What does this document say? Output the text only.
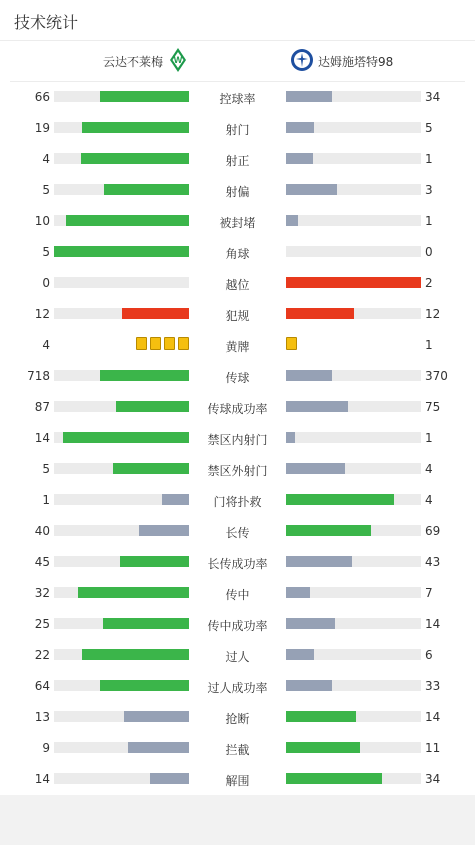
技术统计
云达不莱梅 W	达姆施塔特98
66	控球率	34
19	射门	5
4	射正	1
5	射偏	3
10	被封堵	1
5	角球	0
0	越位	2
12	犯规	12
4	黄牌	1
718	传球	370
87	传球成功率	75
14	禁区内射门	1
5	禁区外射门	4
1	门将扑救	4
40	长传	69
45	长传成功率	43
32	传中	7
25	传中成功率	14
22	过人	6
64	过人成功率	33
13	抢断	14
9	拦截	11
14	解围	34
